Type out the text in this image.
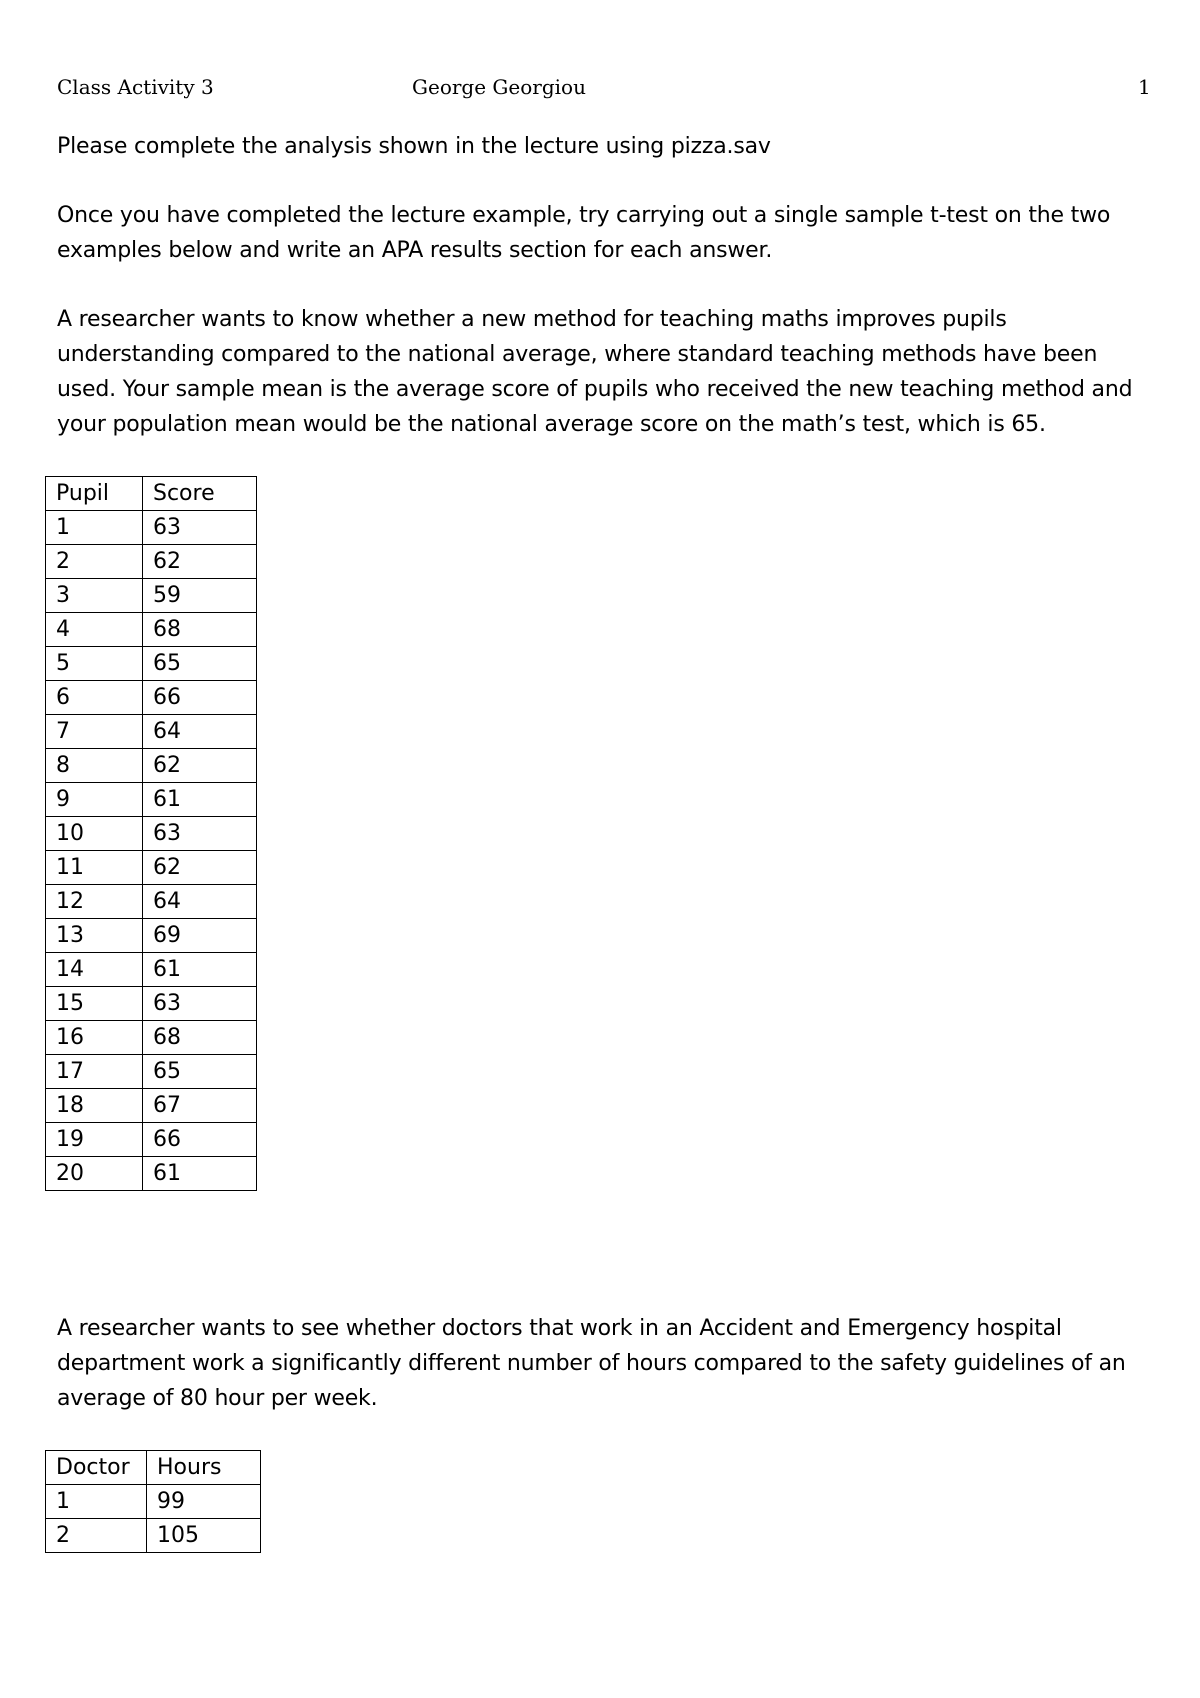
Class Activity 3	George Georgiou	1

Please complete the analysis shown in the lecture using pizza.sav

Once you have completed the lecture example, try carrying out a single sample t-test on the two examples below and write an APA results section for each answer.

A researcher wants to know whether a new method for teaching maths improves pupils understanding compared to the national average, where standard teaching methods have been used. Your sample mean is the average score of pupils who received the new teaching method and your population mean would be the national average score on the math’s test, which is 65.

Pupil	Score
1	63
2	62
3	59
4	68
5	65
6	66
7	64
8	62
9	61
10	63
11	62
12	64
13	69
14	61
15	63
16	68
17	65
18	67
19	66
20	61

A researcher wants to see whether doctors that work in an Accident and Emergency hospital department work a significantly different number of hours compared to the safety guidelines of an average of 80 hour per week.

Doctor	Hours
1	99
2	105
